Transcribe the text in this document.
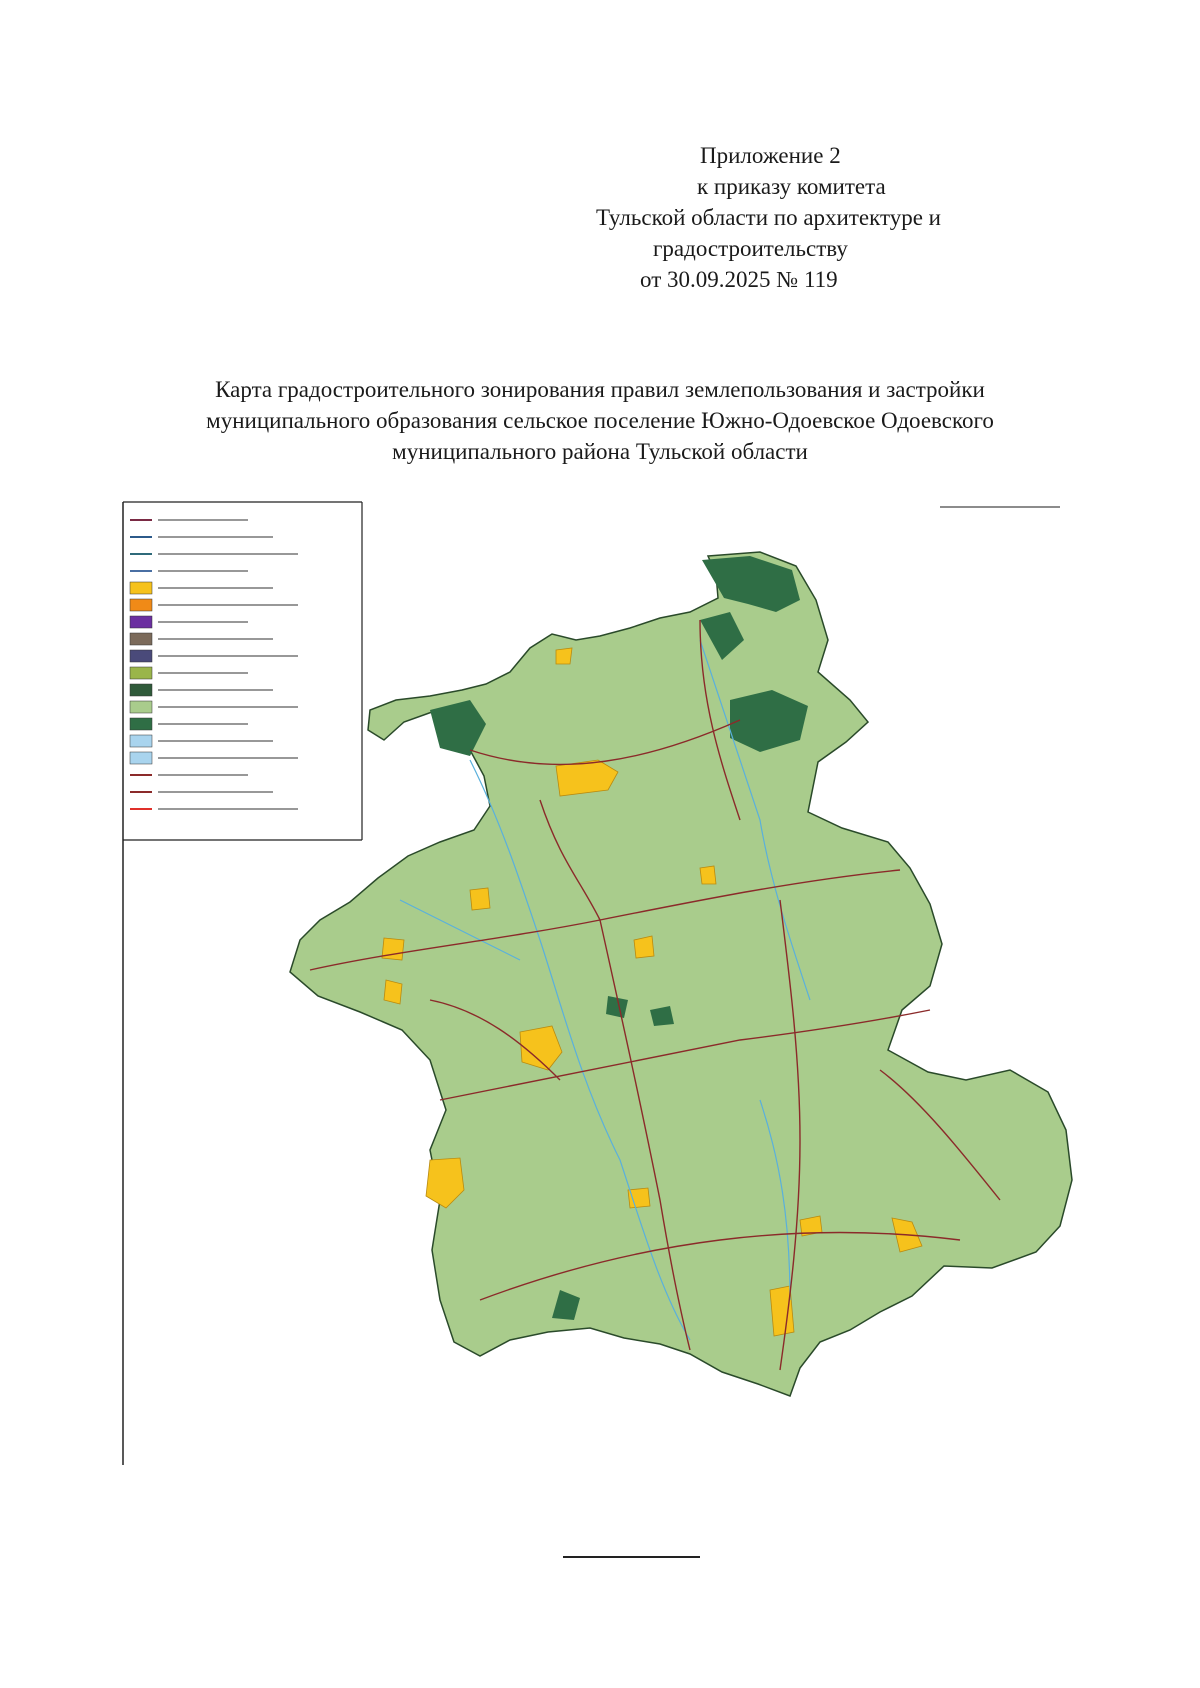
Приложение 2
к приказу комитета
Тульской области по архитектуре и
градостроительству
от 30.09.2025 № 119
Карта градостроительного зонирования правил землепользования и застройки
муниципального образования сельское поселение Южно-Одоевское Одоевского
муниципального района Тульской области
